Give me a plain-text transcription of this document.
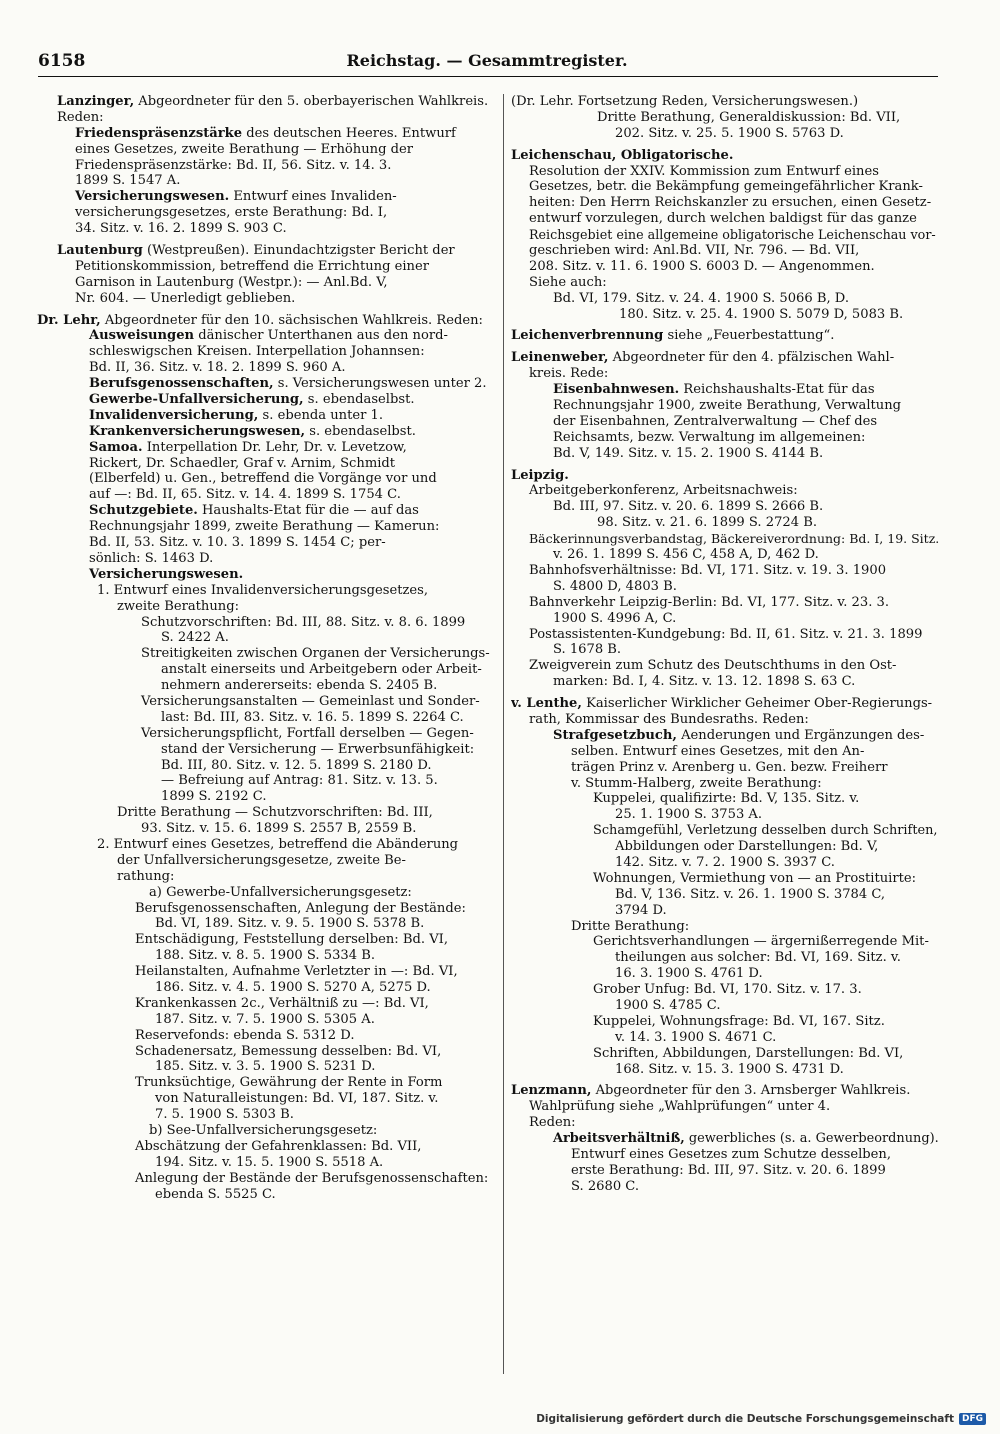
6158	Reichstag. — Gesammtregister.
Lanzinger, Abgeordneter für den 5. oberbayerischen Wahlkreis.
Reden:
Friedenspräsenzstärke des deutschen Heeres. Entwurf
eines Gesetzes, zweite Berathung — Erhöhung der
Friedenspräsenzstärke: Bd. II, 56. Sitz. v. 14. 3.
1899 S. 1547 A.
Versicherungswesen. Entwurf eines Invaliden-
versicherungsgesetzes, erste Berathung: Bd. I,
34. Sitz. v. 16. 2. 1899 S. 903 C.
Lautenburg (Westpreußen). Einundachtzigster Bericht der
Petitionskommission, betreffend die Errichtung einer
Garnison in Lautenburg (Westpr.): — Anl.Bd. V,
Nr. 604. — Unerledigt geblieben.
Dr. Lehr, Abgeordneter für den 10. sächsischen Wahlkreis. Reden:
Ausweisungen dänischer Unterthanen aus den nord-
schleswigschen Kreisen. Interpellation Johannsen:
Bd. II, 36. Sitz. v. 18. 2. 1899 S. 960 A.
Berufsgenossenschaften, s. Versicherungswesen unter 2.
Gewerbe-Unfallversicherung, s. ebendaselbst.
Invalidenversicherung, s. ebenda unter 1.
Krankenversicherungswesen, s. ebendaselbst.
Samoa. Interpellation Dr. Lehr, Dr. v. Levetzow,
Rickert, Dr. Schaedler, Graf v. Arnim, Schmidt
(Elberfeld) u. Gen., betreffend die Vorgänge vor und
auf —: Bd. II, 65. Sitz. v. 14. 4. 1899 S. 1754 C.
Schutzgebiete. Haushalts-Etat für die — auf das
Rechnungsjahr 1899, zweite Berathung — Kamerun:
Bd. II, 53. Sitz. v. 10. 3. 1899 S. 1454 C; per-
sönlich: S. 1463 D.
Versicherungswesen.
1. Entwurf eines Invalidenversicherungsgesetzes,
zweite Berathung:
Schutzvorschriften: Bd. III, 88. Sitz. v. 8. 6. 1899
S. 2422 A.
Streitigkeiten zwischen Organen der Versicherungs-
anstalt einerseits und Arbeitgebern oder Arbeit-
nehmern andererseits: ebenda S. 2405 B.
Versicherungsanstalten — Gemeinlast und Sonder-
last: Bd. III, 83. Sitz. v. 16. 5. 1899 S. 2264 C.
Versicherungspflicht, Fortfall derselben — Gegen-
stand der Versicherung — Erwerbsunfähigkeit:
Bd. III, 80. Sitz. v. 12. 5. 1899 S. 2180 D.
— Befreiung auf Antrag: 81. Sitz. v. 13. 5.
1899 S. 2192 C.
Dritte Berathung — Schutzvorschriften: Bd. III,
93. Sitz. v. 15. 6. 1899 S. 2557 B, 2559 B.
2. Entwurf eines Gesetzes, betreffend die Abänderung
der Unfallversicherungsgesetze, zweite Be-
rathung:
a) Gewerbe-Unfallversicherungsgesetz:
Berufsgenossenschaften, Anlegung der Bestände:
Bd. VI, 189. Sitz. v. 9. 5. 1900 S. 5378 B.
Entschädigung, Feststellung derselben: Bd. VI,
188. Sitz. v. 8. 5. 1900 S. 5334 B.
Heilanstalten, Aufnahme Verletzter in —: Bd. VI,
186. Sitz. v. 4. 5. 1900 S. 5270 A, 5275 D.
Krankenkassen 2c., Verhältniß zu —: Bd. VI,
187. Sitz. v. 7. 5. 1900 S. 5305 A.
Reservefonds: ebenda S. 5312 D.
Schadenersatz, Bemessung desselben: Bd. VI,
185. Sitz. v. 3. 5. 1900 S. 5231 D.
Trunksüchtige, Gewährung der Rente in Form
von Naturalleistungen: Bd. VI, 187. Sitz. v.
7. 5. 1900 S. 5303 B.
b) See-Unfallversicherungsgesetz:
Abschätzung der Gefahrenklassen: Bd. VII,
194. Sitz. v. 15. 5. 1900 S. 5518 A.
Anlegung der Bestände der Berufsgenossenschaften:
ebenda S. 5525 C.
(Dr. Lehr. Fortsetzung Reden, Versicherungswesen.)
Dritte Berathung, Generaldiskussion: Bd. VII,
202. Sitz. v. 25. 5. 1900 S. 5763 D.
Leichenschau, Obligatorische.
Resolution der XXIV. Kommission zum Entwurf eines
Gesetzes, betr. die Bekämpfung gemeingefährlicher Krank-
heiten: Den Herrn Reichskanzler zu ersuchen, einen Gesetz-
entwurf vorzulegen, durch welchen baldigst für das ganze
Reichsgebiet eine allgemeine obligatorische Leichenschau vor-
geschrieben wird: Anl.Bd. VII, Nr. 796. — Bd. VII,
208. Sitz. v. 11. 6. 1900 S. 6003 D. — Angenommen.
Siehe auch:
Bd. VI, 179. Sitz. v. 24. 4. 1900 S. 5066 B, D.
180. Sitz. v. 25. 4. 1900 S. 5079 D, 5083 B.
Leichenverbrennung siehe „Feuerbestattung“.
Leinenweber, Abgeordneter für den 4. pfälzischen Wahl-
kreis. Rede:
Eisenbahnwesen. Reichshaushalts-Etat für das
Rechnungsjahr 1900, zweite Berathung, Verwaltung
der Eisenbahnen, Zentralverwaltung — Chef des
Reichsamts, bezw. Verwaltung im allgemeinen:
Bd. V, 149. Sitz. v. 15. 2. 1900 S. 4144 B.
Leipzig.
Arbeitgeberkonferenz, Arbeitsnachweis:
Bd. III, 97. Sitz. v. 20. 6. 1899 S. 2666 B.
98. Sitz. v. 21. 6. 1899 S. 2724 B.
Bäckerinnungsverbandstag, Bäckereiverordnung: Bd. I, 19. Sitz.
v. 26. 1. 1899 S. 456 C, 458 A, D, 462 D.
Bahnhofsverhältnisse: Bd. VI, 171. Sitz. v. 19. 3. 1900
S. 4800 D, 4803 B.
Bahnverkehr Leipzig-Berlin: Bd. VI, 177. Sitz. v. 23. 3.
1900 S. 4996 A, C.
Postassistenten-Kundgebung: Bd. II, 61. Sitz. v. 21. 3. 1899
S. 1678 B.
Zweigverein zum Schutz des Deutschthums in den Ost-
marken: Bd. I, 4. Sitz. v. 13. 12. 1898 S. 63 C.
v. Lenthe, Kaiserlicher Wirklicher Geheimer Ober-Regierungs-
rath, Kommissar des Bundesraths. Reden:
Strafgesetzbuch, Aenderungen und Ergänzungen des-
selben. Entwurf eines Gesetzes, mit den An-
trägen Prinz v. Arenberg u. Gen. bezw. Freiherr
v. Stumm-Halberg, zweite Berathung:
Kuppelei, qualifizirte: Bd. V, 135. Sitz. v.
25. 1. 1900 S. 3753 A.
Schamgefühl, Verletzung desselben durch Schriften,
Abbildungen oder Darstellungen: Bd. V,
142. Sitz. v. 7. 2. 1900 S. 3937 C.
Wohnungen, Vermiethung von — an Prostituirte:
Bd. V, 136. Sitz. v. 26. 1. 1900 S. 3784 C,
3794 D.
Dritte Berathung:
Gerichtsverhandlungen — ärgernißerregende Mit-
theilungen aus solcher: Bd. VI, 169. Sitz. v.
16. 3. 1900 S. 4761 D.
Grober Unfug: Bd. VI, 170. Sitz. v. 17. 3.
1900 S. 4785 C.
Kuppelei, Wohnungsfrage: Bd. VI, 167. Sitz.
v. 14. 3. 1900 S. 4671 C.
Schriften, Abbildungen, Darstellungen: Bd. VI,
168. Sitz. v. 15. 3. 1900 S. 4731 D.
Lenzmann, Abgeordneter für den 3. Arnsberger Wahlkreis.
Wahlprüfung siehe „Wahlprüfungen“ unter 4.
Reden:
Arbeitsverhältniß, gewerbliches (s. a. Gewerbeordnung).
Entwurf eines Gesetzes zum Schutze desselben,
erste Berathung: Bd. III, 97. Sitz. v. 20. 6. 1899
S. 2680 C.
Digitalisierung gefördert durch die Deutsche Forschungsgemeinschaft DFG
